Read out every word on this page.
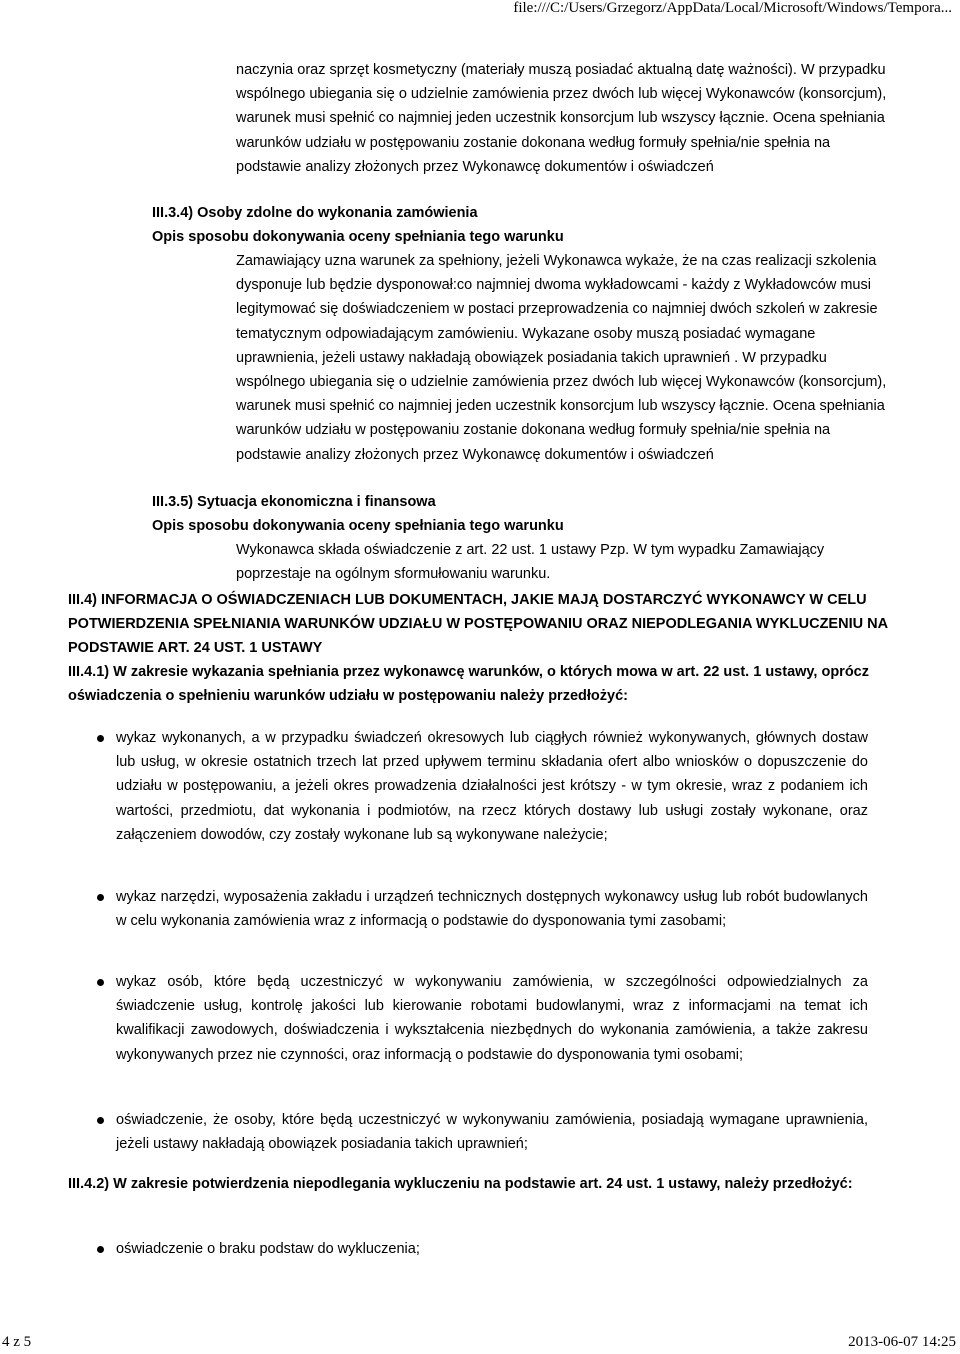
file:///C:/Users/Grzegorz/AppData/Local/Microsoft/Windows/Tempora...

naczynia oraz sprzęt kosmetyczny (materiały muszą posiadać aktualną datę ważności). W przypadku wspólnego ubiegania się o udzielnie zamówienia przez dwóch lub więcej Wykonawców (konsorcjum), warunek musi spełnić co najmniej jeden uczestnik konsorcjum lub wszyscy łącznie. Ocena spełniania warunków udziału w postępowaniu zostanie dokonana według formuły spełnia/nie spełnia na podstawie analizy złożonych przez Wykonawcę dokumentów i oświadczeń

III.3.4) Osoby zdolne do wykonania zamówienia

Opis sposobu dokonywania oceny spełniania tego warunku

Zamawiający uzna warunek za spełniony, jeżeli Wykonawca wykaże, że na czas realizacji szkolenia dysponuje lub będzie dysponował:co najmniej dwoma wykładowcami - każdy z Wykładowców musi legitymować się doświadczeniem w postaci przeprowadzenia co najmniej dwóch szkoleń w zakresie tematycznym odpowiadającym zamówieniu. Wykazane osoby muszą posiadać wymagane uprawnienia, jeżeli ustawy nakładają obowiązek posiadania takich uprawnień . W przypadku wspólnego ubiegania się o udzielnie zamówienia przez dwóch lub więcej Wykonawców (konsorcjum), warunek musi spełnić co najmniej jeden uczestnik konsorcjum lub wszyscy łącznie. Ocena spełniania warunków udziału w postępowaniu zostanie dokonana według formuły spełnia/nie spełnia na podstawie analizy złożonych przez Wykonawcę dokumentów i oświadczeń

III.3.5) Sytuacja ekonomiczna i finansowa

Opis sposobu dokonywania oceny spełniania tego warunku

Wykonawca składa oświadczenie z art. 22 ust. 1 ustawy Pzp. W tym wypadku Zamawiający poprzestaje na ogólnym sformułowaniu warunku.

III.4) INFORMACJA O OŚWIADCZENIACH LUB DOKUMENTACH, JAKIE MAJĄ DOSTARCZYĆ WYKONAWCY W CELU POTWIERDZENIA SPEŁNIANIA WARUNKÓW UDZIAŁU W POSTĘPOWANIU ORAZ NIEPODLEGANIA WYKLUCZENIU NA PODSTAWIE ART. 24 UST. 1 USTAWY

III.4.1) W zakresie wykazania spełniania przez wykonawcę warunków, o których mowa w art. 22 ust. 1 ustawy, oprócz oświadczenia o spełnieniu warunków udziału w postępowaniu należy przedłożyć:

wykaz wykonanych, a w przypadku świadczeń okresowych lub ciągłych również wykonywanych, głównych dostaw lub usług, w okresie ostatnich trzech lat przed upływem terminu składania ofert albo wniosków o dopuszczenie do udziału w postępowaniu, a jeżeli okres prowadzenia działalności jest krótszy - w tym okresie, wraz z podaniem ich wartości, przedmiotu, dat wykonania i podmiotów, na rzecz których dostawy lub usługi zostały wykonane, oraz załączeniem dowodów, czy zostały wykonane lub są wykonywane należycie;
wykaz narzędzi, wyposażenia zakładu i urządzeń technicznych dostępnych wykonawcy usług lub robót budowlanych w celu wykonania zamówienia wraz z informacją o podstawie do dysponowania tymi zasobami;
wykaz osób, które będą uczestniczyć w wykonywaniu zamówienia, w szczególności odpowiedzialnych za świadczenie usług, kontrolę jakości lub kierowanie robotami budowlanymi, wraz z informacjami na temat ich kwalifikacji zawodowych, doświadczenia i wykształcenia niezbędnych do wykonania zamówienia, a także zakresu wykonywanych przez nie czynności, oraz informacją o podstawie do dysponowania tymi osobami;
oświadczenie, że osoby, które będą uczestniczyć w wykonywaniu zamówienia, posiadają wymagane uprawnienia, jeżeli ustawy nakładają obowiązek posiadania takich uprawnień;

III.4.2) W zakresie potwierdzenia niepodlegania wykluczeniu na podstawie art. 24 ust. 1 ustawy, należy przedłożyć:

oświadczenie o braku podstaw do wykluczenia;
4 z 5	2013-06-07 14:25
